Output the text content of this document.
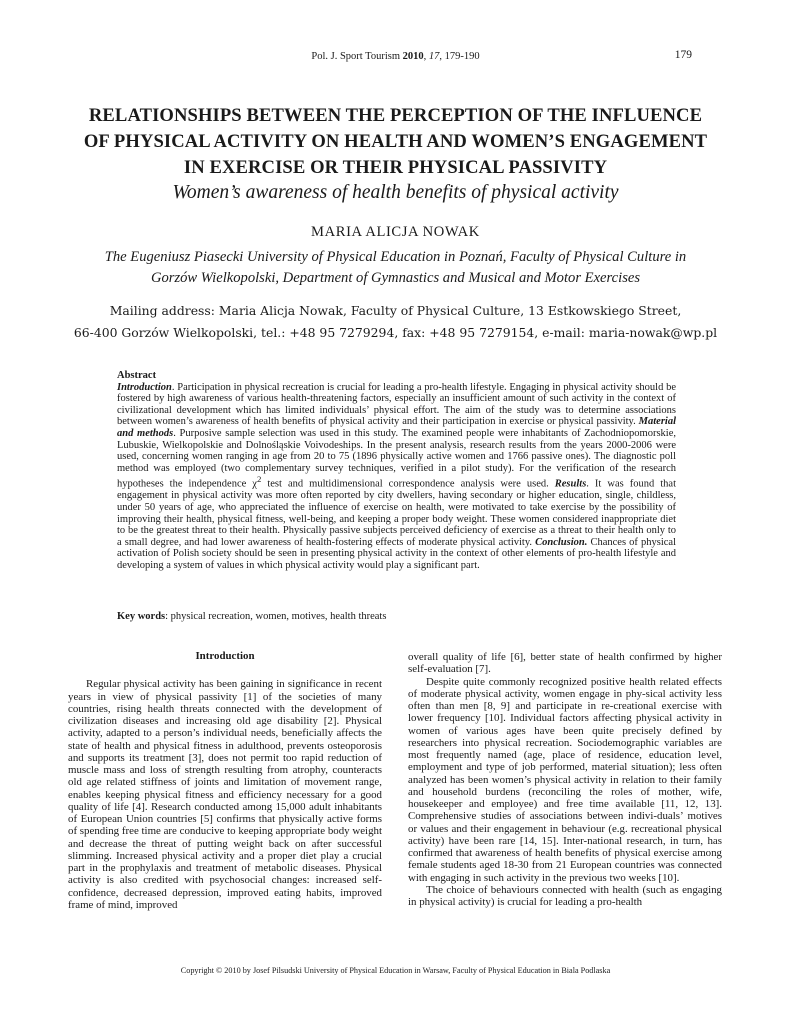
Pol. J. Sport Tourism 2010, 17, 179-190	179
RELATIONSHIPS BETWEEN THE PERCEPTION OF THE INFLUENCE
OF PHYSICAL ACTIVITY ON HEALTH AND WOMEN’S ENGAGEMENT
IN EXERCISE OR THEIR PHYSICAL PASSIVITY
Women’s awareness of health benefits of physical activity
MARIA ALICJA NOWAK
The Eugeniusz Piasecki University of Physical Education in Poznań, Faculty of Physical Culture in
Gorzów Wielkopolski, Department of Gymnastics and Musical and Motor Exercises
Mailing address: Maria Alicja Nowak, Faculty of Physical Culture, 13 Estkowskiego Street,
66-400 Gorzów Wielkopolski, tel.: +48 95 7279294, fax: +48 95 7279154, e-mail: maria-nowak@wp.pl
Abstract
Introduction. Participation in physical recreation is crucial for leading a pro-health lifestyle. Engaging in physical activity should be fostered by high awareness of various health-threatening factors, especially an insufficient amount of such activity in the context of civilizational development which has limited individuals’ physical effort. The aim of the study was to determine associations between women’s awareness of health benefits of physical activity and their participation in exercise or physical passivity. Material and methods. Purposive sample selection was used in this study. The examined people were inhabitants of Zachodniopomorskie, Lubuskie, Wielkopolskie and Dolnośląskie Voivodeships. In the present analysis, research results from the years 2000-2006 were used, concerning women ranging in age from 20 to 75 (1896 physically active women and 1766 passive ones). The diagnostic poll method was employed (two complementary survey techniques, verified in a pilot study). For the verification of the research hypotheses the independence $\chi^2$ test and multidimensional correspondence analysis were used. Results. It was found that engagement in physical activity was more often reported by city dwellers, having secondary or higher education, single, childless, under 50 years of age, who appreciated the influence of exercise on health, were motivated to take exercise by the possibility of improving their health, physical fitness, well-being, and keeping a proper body weight. These women considered inappropriate diet to be the greatest threat to their health. Physically passive subjects perceived deficiency of exercise as a threat to their health only to a small degree, and had lower awareness of health-fostering effects of moderate physical activity. Conclusion. Chances of physical activation of Polish society should be seen in presenting physical activity in the context of other elements of pro-health lifestyle and developing a system of values in which physical activity would play a significant part.
Key words: physical recreation, women, motives, health threats
Introduction

Regular physical activity has been gaining in significance in recent years in view of physical passivity [1] of the societies of many countries, rising health threats connected with the development of civilization diseases and increasing old age disability [2]. Physical activity, adapted to a person’s individual needs, beneficially affects the state of health and physical fitness in adulthood, prevents osteoporosis and supports its treatment [3], does not permit too rapid reduction of muscle mass and loss of strength resulting from atrophy, counteracts old age related stiffness of joints and limitation of movement range, enables keeping physical fitness and efficiency necessary for a good quality of life [4]. Research conducted among 15,000 adult inhabitants of European Union countries [5] confirms that physically active forms of spending free time are conducive to keeping appropriate body weight and decrease the threat of putting weight back on after successful slimming. Increased physical activity and a proper diet play a crucial part in the prophylaxis and treatment of metabolic diseases. Physical activity is also credited with psychosocial changes: increased self-confidence, decreased depression, improved eating habits, improved frame of mind, improved

overall quality of life [6], better state of health confirmed by higher self-evaluation [7].

Despite quite commonly recognized positive health related effects of moderate physical activity, women engage in phy-sical activity less often than men [8, 9] and participate in re-creational exercise with lower frequency [10]. Individual factors affecting physical activity in women of various ages have been quite precisely defined by researchers into physical recreation. Sociodemographic variables are most frequently named (age, place of residence, education level, employment and type of job performed, material situation); less often analyzed has been women’s physical activity in relation to their family and household burdens (reconciling the roles of mother, wife, housekeeper and employee) and free time available [11, 12, 13]. Comprehensive studies of associations between indivi-duals’ motives or values and their engagement in behaviour (e.g. recreational physical activity) have been rare [14, 15]. Inter-national research, in turn, has confirmed that awareness of health benefits of physical exercise among female students aged 18-30 from 21 European countries was connected with engaging in such activity in the previous two weeks [10].

The choice of behaviours connected with health (such as engaging in physical activity) is crucial for leading a pro-health

Copyright © 2010 by Josef Pilsudski University of Physical Education in Warsaw, Faculty of Physical Education in Biala Podlaska
